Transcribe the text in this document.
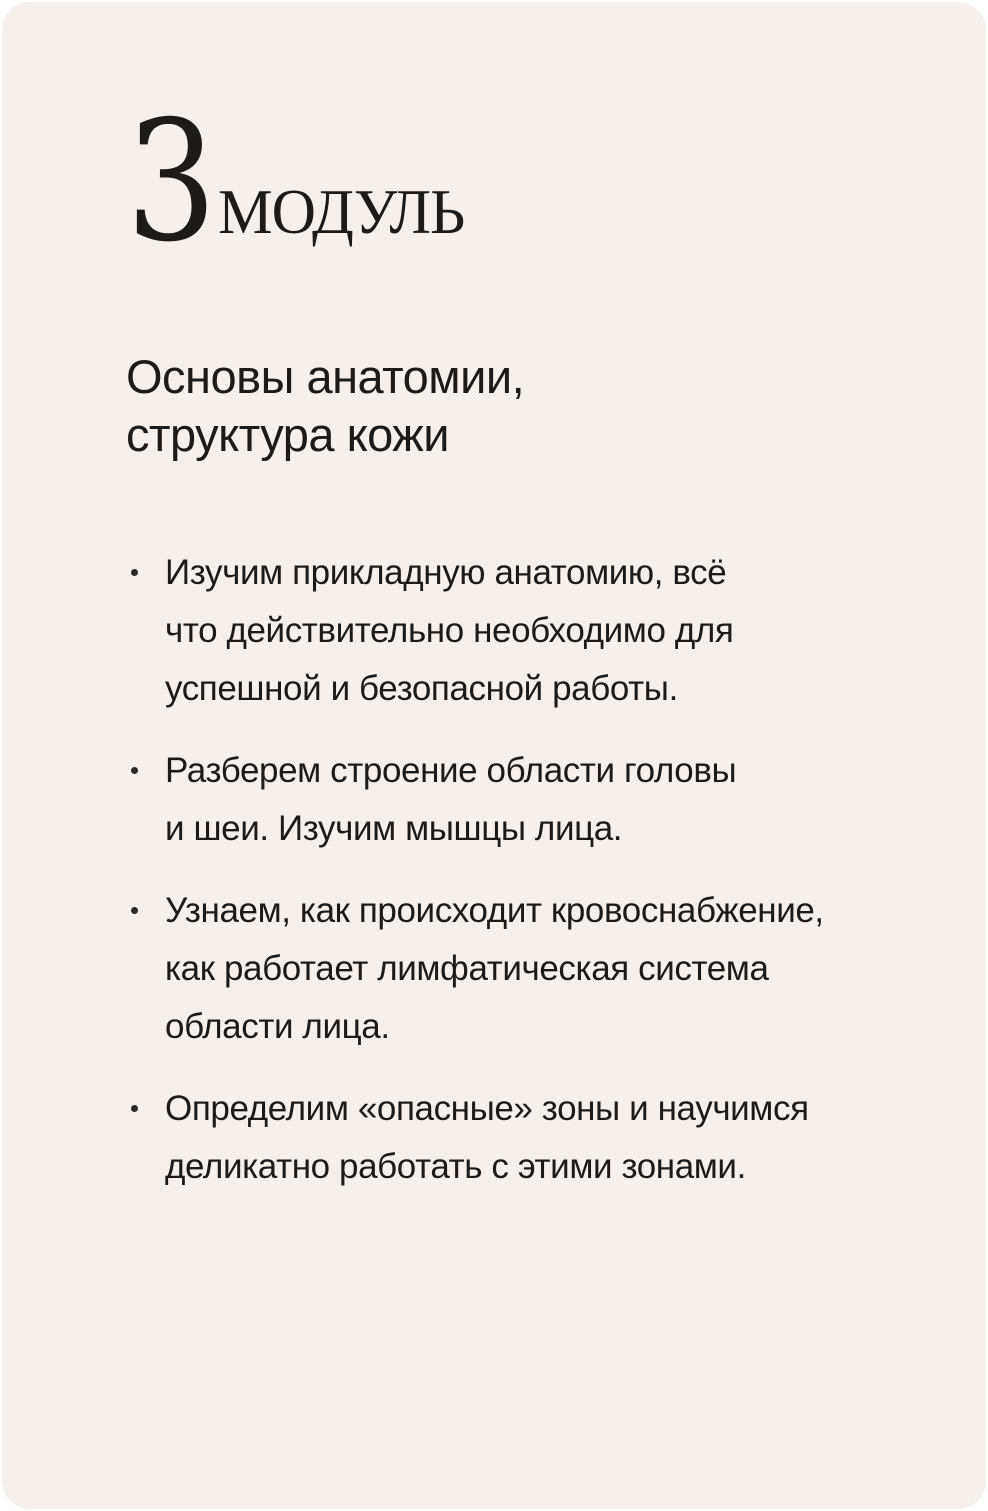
3 МОДУЛЬ
Основы анатомии,
структура кожи
Изучим прикладную анатомию, всё
что действительно необходимо для
успешной и безопасной работы.
Разберем строение области головы
и шеи. Изучим мышцы лица.
Узнаем, как происходит кровоснабжение,
как работает лимфатическая система
области лица.
Определим «опасные» зоны и научимся
деликатно работать с этими зонами.
